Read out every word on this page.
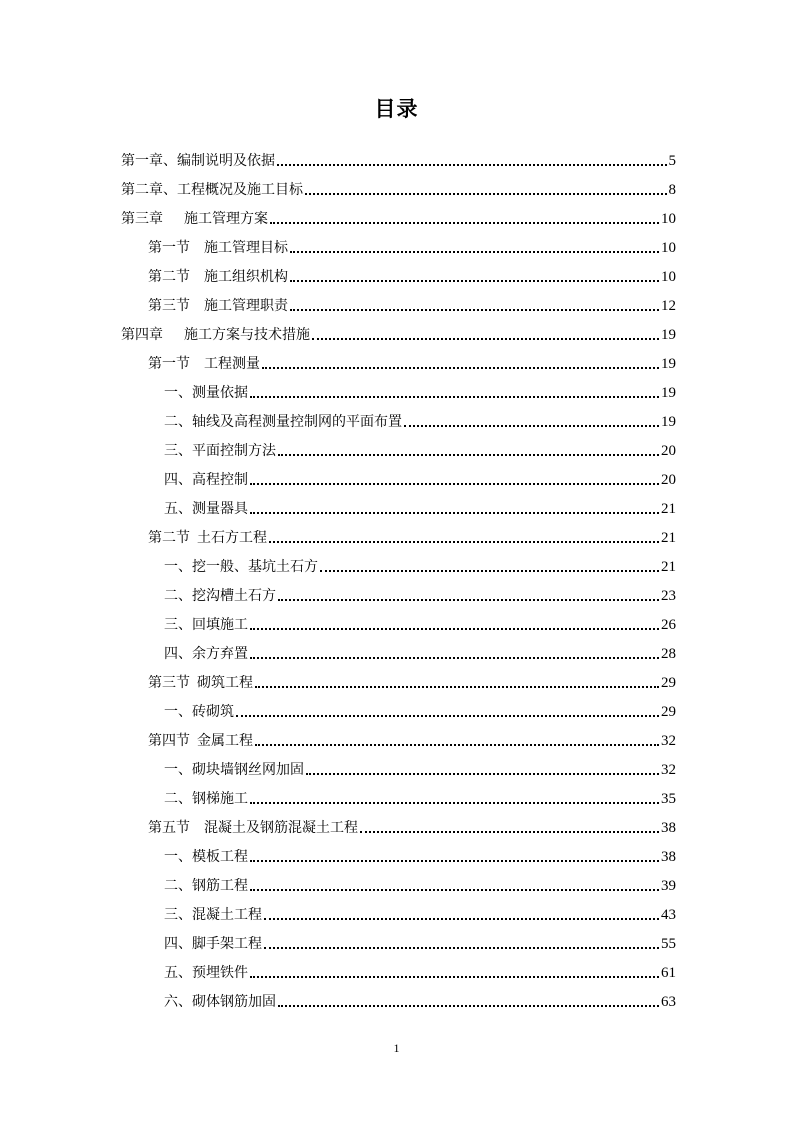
目录
第一章、编制说明及依据	5
第二章、工程概况及施工目标	8
第三章　 施工管理方案	10
第一节　施工管理目标	10
第二节　施工组织机构	10
第三节　施工管理职责	12
第四章　 施工方案与技术措施	19
第一节　工程测量	19
一、测量依据	19
二、轴线及高程测量控制网的平面布置	19
三、平面控制方法	20
四、高程控制	20
五、测量器具	21
第二节 土石方工程	21
一、挖一般、基坑土石方	21
二、挖沟槽土石方	23
三、回填施工	26
四、余方弃置	28
第三节 砌筑工程	29
一、砖砌筑	29
第四节 金属工程	32
一、砌块墙钢丝网加固	32
二、钢梯施工	35
第五节　混凝土及钢筋混凝土工程	38
一、模板工程	38
二、钢筋工程	39
三、混凝土工程	43
四、脚手架工程	55
五、预埋铁件	61
六、砌体钢筋加固	63
1
